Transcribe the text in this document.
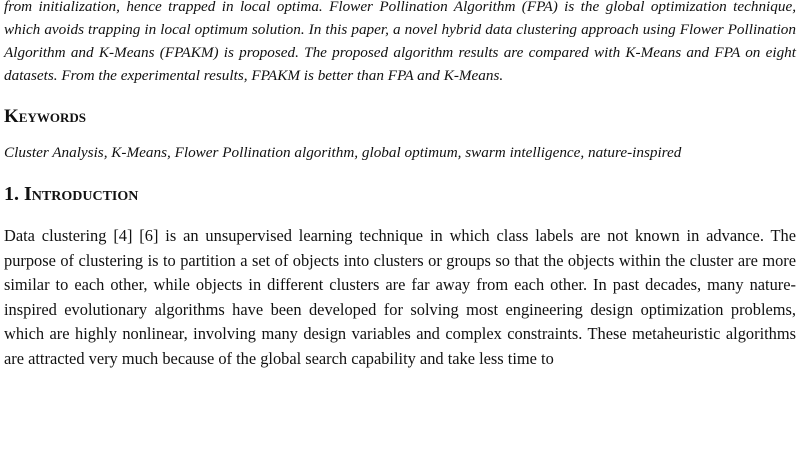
from initialization, hence trapped in local optima. Flower Pollination Algorithm (FPA) is the global optimization technique, which avoids trapping in local optimum solution. In this paper, a novel hybrid data clustering approach using Flower Pollination Algorithm and K-Means (FPAKM) is proposed. The proposed algorithm results are compared with K-Means and FPA on eight datasets. From the experimental results, FPAKM is better than FPA and K-Means.

Keywords

Cluster Analysis, K-Means, Flower Pollination algorithm, global optimum, swarm intelligence, nature-inspired

1. Introduction

Data clustering [4] [6] is an unsupervised learning technique in which class labels are not known in advance. The purpose of clustering is to partition a set of objects into clusters or groups so that the objects within the cluster are more similar to each other, while objects in different clusters are far away from each other. In past decades, many nature-inspired evolutionary algorithms have been developed for solving most engineering design optimization problems, which are highly nonlinear, involving many design variables and complex constraints. These metaheuristic algorithms are attracted very much because of the global search capability and take less time to
